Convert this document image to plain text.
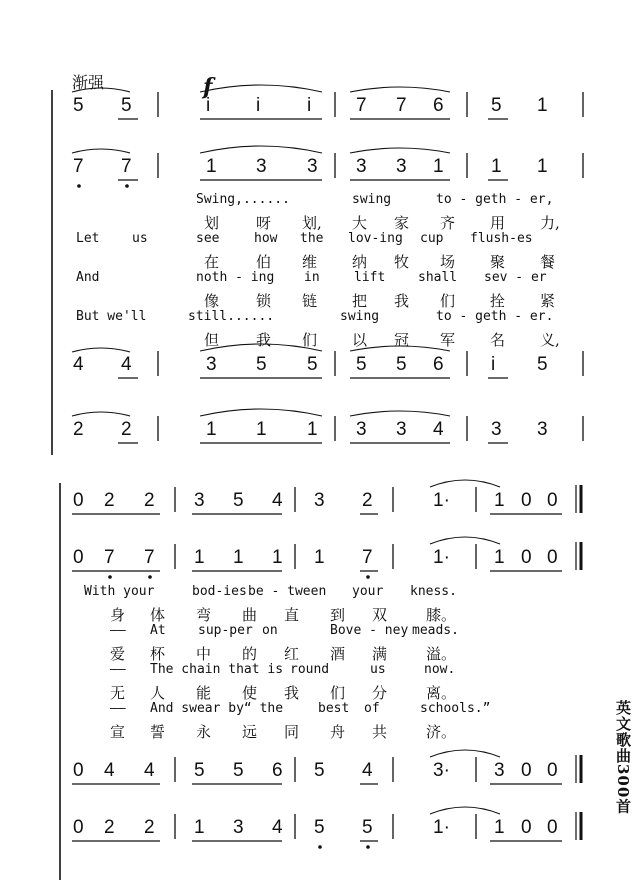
5 5	i i i 7 7 6 5 1
7 7	1 3 3 3 3 1 1 1
4 4	3 5 5 5 5 6 i 5
2 2	1 1 1 3 3 4 3 3
0 2 2 3 5 4 3 2	1· 1 0 0
0 7 7 1 1 1 1 7	1· 1 0 0
0 4 4 5 5 6 5 4	3· 3 0 0
0 2 2 1 3 4 5 5	1· 1 0 0
Swing,......	swing	to - geth - er,
划 呀 划, 大 家 齐 用 力,
Let	us	see	how the lov-ing cup flush-es
在 伯 维 纳 牧 场 聚 餐
And	noth - ing in	lift	shall sev - er
像 锁 链 把 我 们 拴 紧
But we'll	still......	swing	to - geth - er.
但 我 们 以 冠 军 名 义,
With your	bod-ies be - tween your kness.
身 体 弯 曲 直 到 双	膝。
—— At sup-per on	Bove - ney meads.
爱 杯 中 的 红 酒 满	溢。
—— The chain that is round	us	now.
无 人 能 使 我 们 分	离。
—— And swear by“ the	best of	schools.”
宣 誓 永 远 同 舟 共	济。
渐强	f
英文歌曲300首
